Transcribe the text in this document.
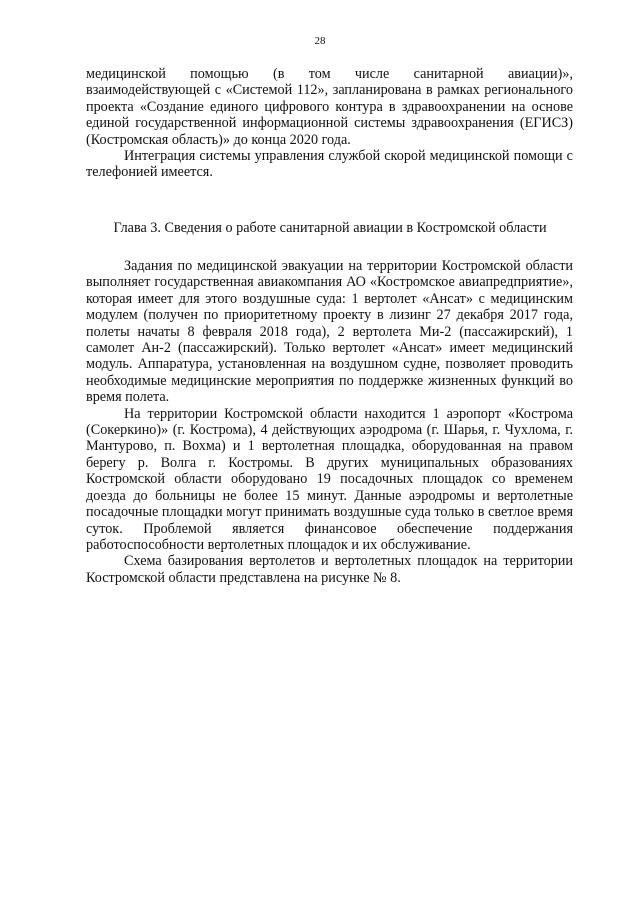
28

медицинской помощью (в том числе санитарной авиации)», взаимодействующей с «Системой 112», запланирована в рамках регионального проекта «Создание единого цифрового контура в здравоохранении на основе единой государственной информационной системы здравоохранения (ЕГИСЗ) (Костромская область)» до конца 2020 года.

Интеграция системы управления службой скорой медицинской помощи с телефонией имеется.

Глава 3. Сведения о работе санитарной авиации в Костромской области

Задания по медицинской эвакуации на территории Костромской области выполняет государственная авиакомпания АО «Костромское авиапредприятие», которая имеет для этого воздушные суда: 1 вертолет «Ансат» с медицинским модулем (получен по приоритетному проекту в лизинг 27 декабря 2017 года, полеты начаты 8 февраля 2018 года), 2 вертолета Ми-2 (пассажирский), 1 самолет Ан-2 (пассажирский). Только вертолет «Ансат» имеет медицинский модуль. Аппаратура, установленная на воздушном судне, позволяет проводить необходимые медицинские мероприятия по поддержке жизненных функций во время полета.

На территории Костромской области находится 1 аэропорт «Кострома (Сокеркино)» (г. Кострома), 4 действующих аэродрома (г. Шарья, г. Чухлома, г. Мантурово, п. Вохма) и 1 вертолетная площадка, оборудованная на правом берегу р. Волга г. Костромы. В других муниципальных образованиях Костромской области оборудовано 19 посадочных площадок со временем доезда до больницы не более 15 минут. Данные аэродромы и вертолетные посадочные площадки могут принимать воздушные суда только в светлое время суток. Проблемой является финансовое обеспечение поддержания работоспособности вертолетных площадок и их обслуживание.

Схема базирования вертолетов и вертолетных площадок на территории Костромской области представлена на рисунке № 8.
